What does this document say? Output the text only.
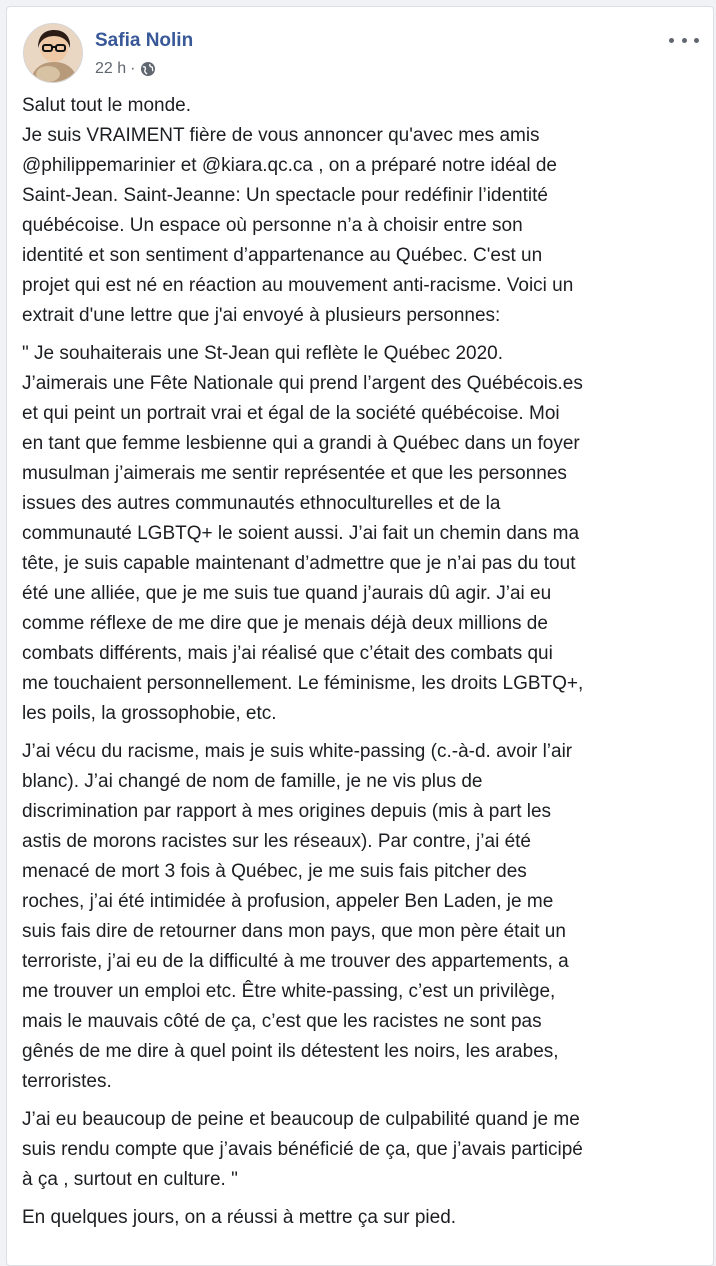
Safia Nolin
22 h ·

Salut tout le monde.
Je suis VRAIMENT fière de vous annoncer qu'avec mes amis
@philippemarinier et @kiara.qc.ca , on a préparé notre idéal de
Saint-Jean. Saint-Jeanne: Un spectacle pour redéfinir l’identité
québécoise. Un espace où personne n’a à choisir entre son
identité et son sentiment d’appartenance au Québec. C'est un
projet qui est né en réaction au mouvement anti-racisme. Voici un
extrait d'une lettre que j'ai envoyé à plusieurs personnes:

" Je souhaiterais une St-Jean qui reflète le Québec 2020.
J’aimerais une Fête Nationale qui prend l’argent des Québécois.es
et qui peint un portrait vrai et égal de la société québécoise. Moi
en tant que femme lesbienne qui a grandi à Québec dans un foyer
musulman j’aimerais me sentir représentée et que les personnes
issues des autres communautés ethnoculturelles et de la
communauté LGBTQ+ le soient aussi. J’ai fait un chemin dans ma
tête, je suis capable maintenant d’admettre que je n’ai pas du tout
été une alliée, que je me suis tue quand j’aurais dû agir. J’ai eu
comme réflexe de me dire que je menais déjà deux millions de
combats différents, mais j’ai réalisé que c’était des combats qui
me touchaient personnellement. Le féminisme, les droits LGBTQ+,
les poils, la grossophobie, etc.

J’ai vécu du racisme, mais je suis white-passing (c.-à-d. avoir l’air
blanc). J’ai changé de nom de famille, je ne vis plus de
discrimination par rapport à mes origines depuis (mis à part les
astis de morons racistes sur les réseaux). Par contre, j’ai été
menacé de mort 3 fois à Québec, je me suis fais pitcher des
roches, j’ai été intimidée à profusion, appeler Ben Laden, je me
suis fais dire de retourner dans mon pays, que mon père était un
terroriste, j’ai eu de la difficulté à me trouver des appartements, a
me trouver un emploi etc. Être white-passing, c’est un privilège,
mais le mauvais côté de ça, c’est que les racistes ne sont pas
gênés de me dire à quel point ils détestent les noirs, les arabes,
terroristes.

J’ai eu beaucoup de peine et beaucoup de culpabilité quand je me
suis rendu compte que j’avais bénéficié de ça, que j’avais participé
à ça , surtout en culture. "

En quelques jours, on a réussi à mettre ça sur pied.
